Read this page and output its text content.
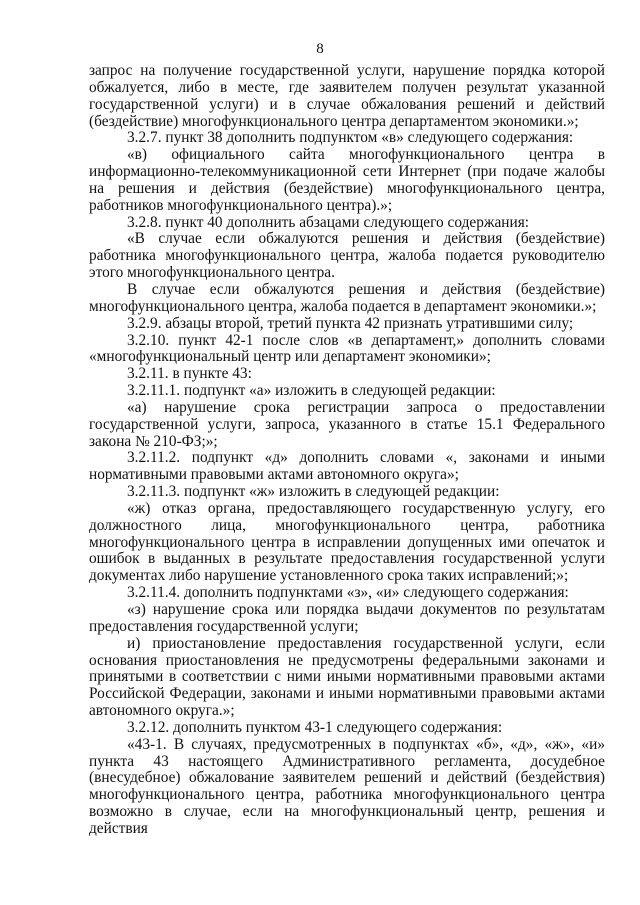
8

запрос на получение государственной услуги, нарушение порядка которой обжалуется, либо в месте, где заявителем получен результат указанной государственной услуги) и в случае обжалования решений и действий (бездействие) многофункционального центра департаментом экономики.»;

3.2.7. пункт 38 дополнить подпунктом «в» следующего содержания:

«в) официального сайта многофункционального центра в информационно-телекоммуникационной сети Интернет (при подаче жалобы на решения и действия (бездействие) многофункционального центра, работников многофункционального центра).»;

3.2.8. пункт 40 дополнить абзацами следующего содержания:

«В случае если обжалуются решения и действия (бездействие) работника многофункционального центра, жалоба подается руководителю этого многофункционального центра.

В случае если обжалуются решения и действия (бездействие) многофункционального центра, жалоба подается в департамент экономики.»;

3.2.9. абзацы второй, третий пункта 42 признать утратившими силу;

3.2.10. пункт 42-1 после слов «в департамент,» дополнить словами «многофункциональный центр или департамент экономики»;

3.2.11. в пункте 43:

3.2.11.1. подпункт «а» изложить в следующей редакции:

«а) нарушение срока регистрации запроса о предоставлении государственной услуги, запроса, указанного в статье 15.1 Федерального закона № 210-ФЗ;»;

3.2.11.2. подпункт «д» дополнить словами «, законами и иными нормативными правовыми актами автономного округа»;

3.2.11.3. подпункт «ж» изложить в следующей редакции:

«ж) отказ органа, предоставляющего государственную услугу, его должностного лица, многофункционального центра, работника многофункционального центра в исправлении допущенных ими опечаток и ошибок в выданных в результате предоставления государственной услуги документах либо нарушение установленного срока таких исправлений;»;

3.2.11.4. дополнить подпунктами «з», «и» следующего содержания:

«з) нарушение срока или порядка выдачи документов по результатам предоставления государственной услуги;

и) приостановление предоставления государственной услуги, если основания приостановления не предусмотрены федеральными законами и принятыми в соответствии с ними иными нормативными правовыми актами Российской Федерации, законами и иными нормативными правовыми актами автономного округа.»;

3.2.12. дополнить пунктом 43-1 следующего содержания:

«43-1. В случаях, предусмотренных в подпунктах «б», «д», «ж», «и» пункта 43 настоящего Административного регламента, досудебное (внесудебное) обжалование заявителем решений и действий (бездействия) многофункционального центра, работника многофункционального центра возможно в случае, если на многофункциональный центр, решения и действия
